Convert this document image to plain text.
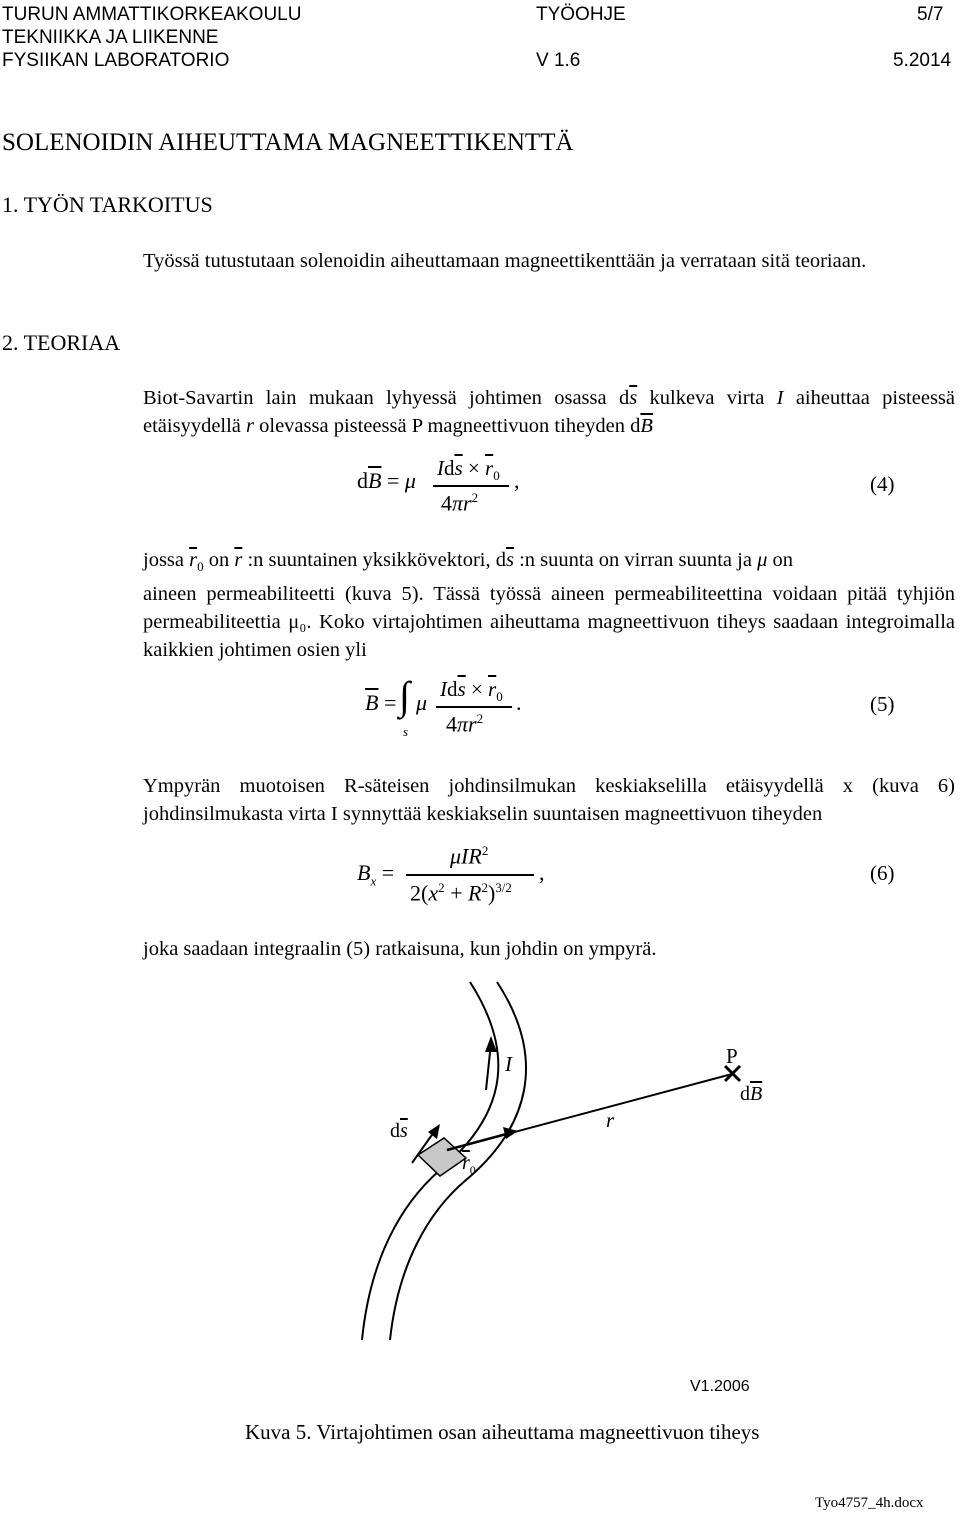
TURUN AMMATTIKORKEAKOULU
TEKNIIKKA JA LIIKENNE
FYSIIKAN LABORATORIO
TYÖOHJE
V 1.6
5/7
5.2014
SOLENOIDIN AIHEUTTAMA MAGNEETTIKENTTÄ
1. TYÖN TARKOITUS
Työssä tutustutaan solenoidin aiheuttamaan magneettikenttään ja verrataan sitä teoriaan.
2. TEORIAA
Biot-Savartin lain mukaan lyhyessä johtimen osassa $d\overline{s}$ kulkeva virta I aiheuttaa pisteessä etäisyydellä r olevassa pisteessä P magneettivuon tiheyden $d\overline{B}$
$d\overline{B} = \mu$ $Id\overline{s} \times \overline{r}_0$
$4\pi r^2$
,	(4)
jossa $\overline{r}_0$ on $\overline{r}$ :n suuntainen yksikkövektori, $d\overline{s}$ :n suunta on virran suunta ja μ on
aineen permeabiliteetti (kuva 5). Tässä työssä aineen permeabiliteettina voidaan pitää tyhjiön permeabiliteettia μ₀. Koko virtajohtimen aiheuttama magneettivuon tiheys saadaan integroimalla kaikkien johtimen osien yli
$\overline{B}$ = ∫
s
μ
$Id\overline{s} \times \overline{r}_0$
$4\pi r^2$
.	(5)
Ympyrän muotoisen R-säteisen johdinsilmukan keskiakselilla etäisyydellä x (kuva 6) johdinsilmukasta virta I synnyttää keskiakselin suuntaisen magneettivuon tiheyden
$B_x$ =
μIR$^2$
$2(x^2 + R^2)^{3/2}$
,	(6)
joka saadaan integraalin (5) ratkaisuna, kun johdin on ympyrä.
I	P
r
$d\overline{B}$
$d\overline{s}$
$\overline{r}_0$
V1.2006
Kuva 5. Virtajohtimen osan aiheuttama magneettivuon tiheys
Tyo4757_4h.docx
